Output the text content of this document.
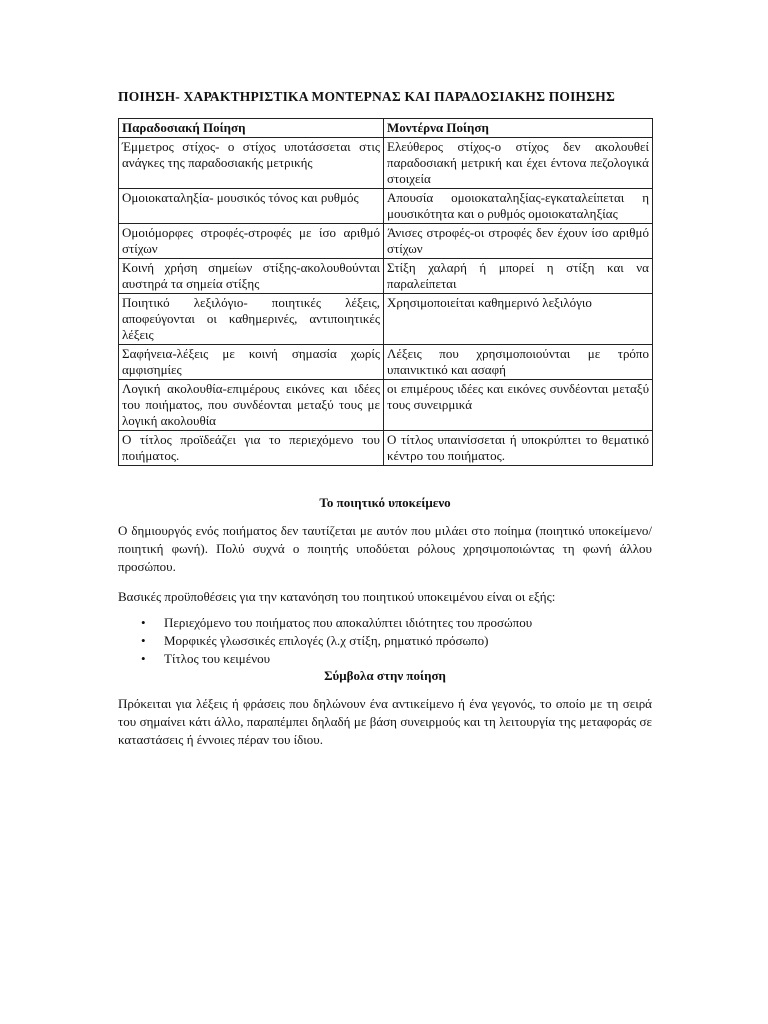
ΠΟΙΗΣΗ- ΧΑΡΑΚΤΗΡΙΣΤΙΚΑ ΜΟΝΤΕΡΝΑΣ ΚΑΙ ΠΑΡΑΔΟΣΙΑΚΗΣ ΠΟΙΗΣΗΣ

Παραδοσιακή Ποίηση	Μοντέρνα Ποίηση
Έμμετρος στίχος- ο στίχος υποτάσσεται στις ανάγκες της παραδοσιακής μετρικής	Ελεύθερος στίχος-ο στίχος δεν ακολουθεί παραδοσιακή μετρική και έχει έντονα πεζολογικά στοιχεία
Ομοιοκαταληξία- μουσικός τόνος και ρυθμός	Απουσία ομοιοκαταληξίας-εγκαταλείπεται η μουσικότητα και ο ρυθμός ομοιοκαταληξίας
Ομοιόμορφες στροφές-στροφές με ίσο αριθμό στίχων	Άνισες στροφές-οι στροφές δεν έχουν ίσο αριθμό στίχων
Κοινή χρήση σημείων στίξης-ακολουθούνται αυστηρά τα σημεία στίξης	Στίξη χαλαρή ή μπορεί η στίξη και να παραλείπεται
Ποιητικό λεξιλόγιο- ποιητικές λέξεις, αποφεύγονται οι καθημερινές, αντιποιητικές λέξεις	Χρησιμοποιείται καθημερινό λεξιλόγιο
Σαφήνεια-λέξεις με κοινή σημασία χωρίς αμφισημίες	Λέξεις που χρησιμοποιούνται με τρόπο υπαινικτικό και ασαφή
Λογική ακολουθία-επιμέρους εικόνες και ιδέες του ποιήματος, που συνδέονται μεταξύ τους με λογική ακολουθία	οι επιμέρους ιδέες και εικόνες συνδέονται μεταξύ τους συνειρμικά
Ο τίτλος προϊδεάζει για το περιεχόμενο του ποιήματος.	Ο τίτλος υπαινίσσεται ή υποκρύπτει το θεματικό κέντρο του ποιήματος.

Το ποιητικό υποκείμενο

Ο δημιουργός ενός ποιήματος δεν ταυτίζεται με αυτόν που μιλάει στο ποίημα (ποιητικό υποκείμενο/ποιητική φωνή). Πολύ συχνά ο ποιητής υποδύεται ρόλους χρησιμοποιώντας τη φωνή άλλου προσώπου.

Βασικές προϋποθέσεις για την κατανόηση του ποιητικού υποκειμένου είναι οι εξής:

• Περιεχόμενο του ποιήματος που αποκαλύπτει ιδιότητες του προσώπου
• Μορφικές γλωσσικές επιλογές (λ.χ στίξη, ρηματικό πρόσωπο)
• Τίτλος του κειμένου

Σύμβολα στην ποίηση

Πρόκειται για λέξεις ή φράσεις που δηλώνουν ένα αντικείμενο ή ένα γεγονός, το οποίο με τη σειρά του σημαίνει κάτι άλλο, παραπέμπει δηλαδή με βάση συνειρμούς και τη λειτουργία της μεταφοράς σε καταστάσεις ή έννοιες πέραν του ίδιου.
